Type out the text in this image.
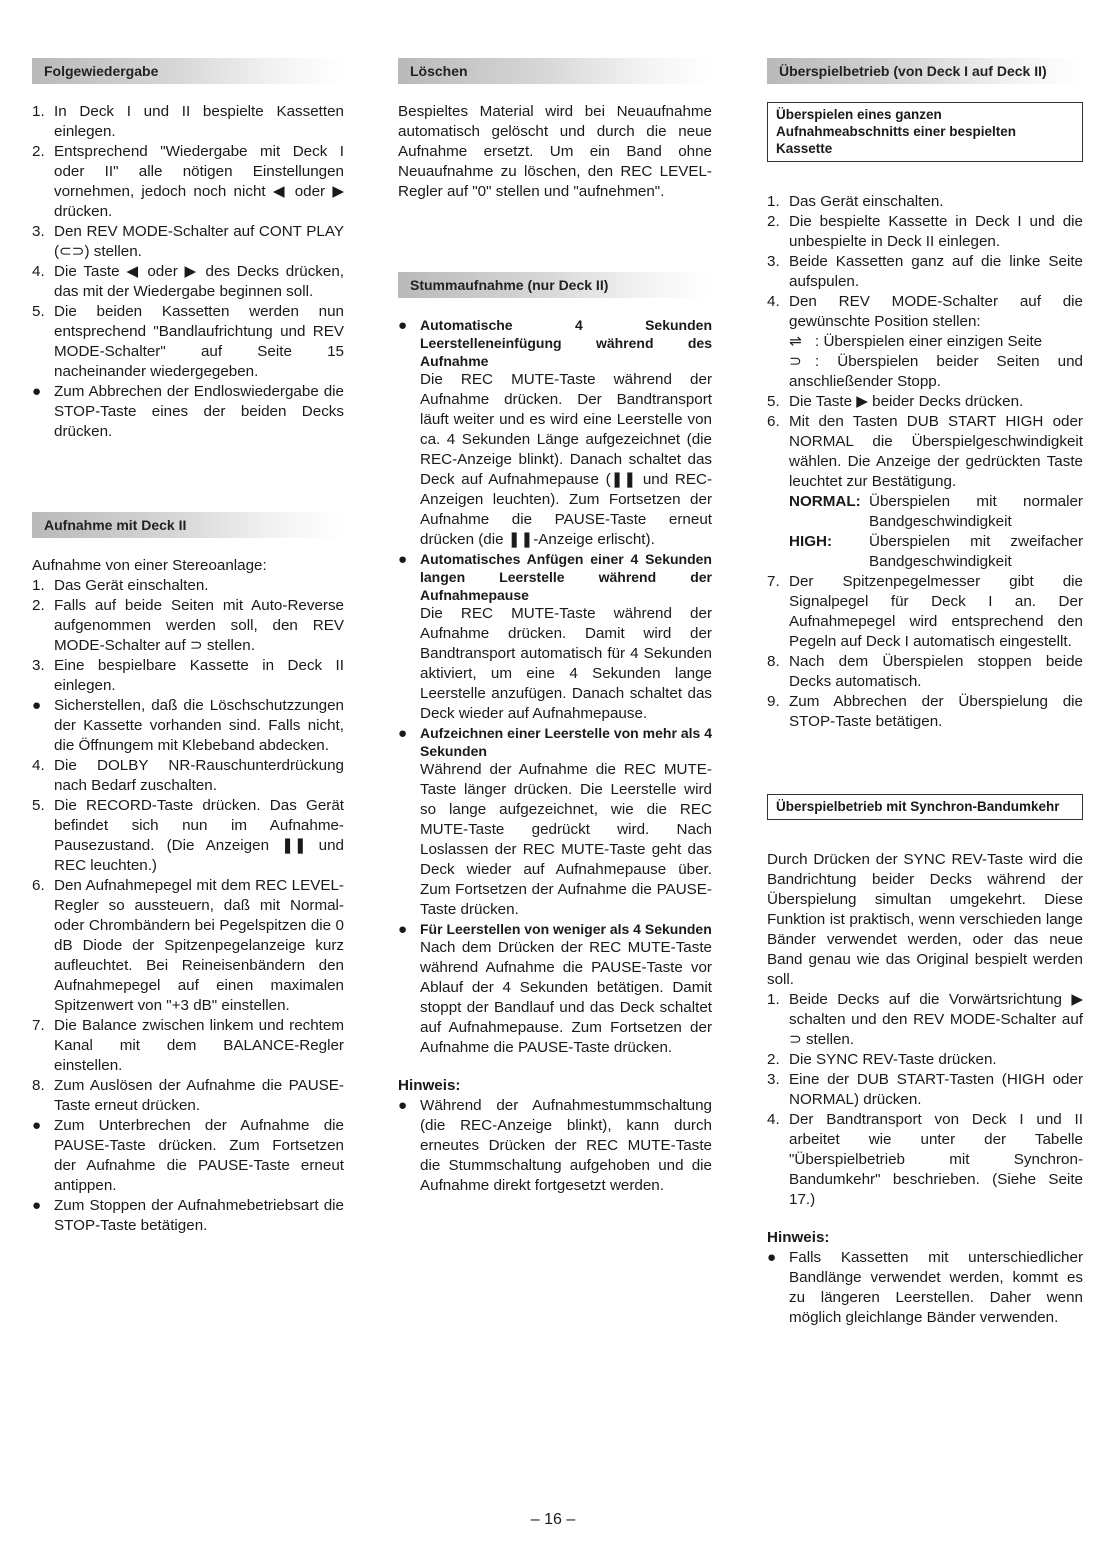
Folgewiedergabe
1. In Deck I und II bespielte Kassetten einlegen.
2. Entsprechend "Wiedergabe mit Deck I oder II" alle nötigen Einstellungen vornehmen, jedoch noch nicht ◀ oder ▶ drücken.
3. Den REV MODE-Schalter auf CONT PLAY (⊂⊃) stellen.
4. Die Taste ◀ oder ▶ des Decks drücken, das mit der Wiedergabe beginnen soll.
5. Die beiden Kassetten werden nun entsprechend "Bandlaufrichtung und REV MODE-Schalter" auf Seite 15 nacheinander wiedergegeben.
● Zum Abbrechen der Endloswiedergabe die STOP-Taste eines der beiden Decks drücken.
Aufnahme mit Deck II
Aufnahme von einer Stereoanlage:
1. Das Gerät einschalten.
2. Falls auf beide Seiten mit Auto-Reverse aufgenommen werden soll, den REV MODE-Schalter auf ⊃ stellen.
3. Eine bespielbare Kassette in Deck II einlegen.
● Sicherstellen, daß die Löschschutzzungen der Kassette vorhanden sind. Falls nicht, die Öffnungem mit Klebeband abdecken.
4. Die DOLBY NR-Rauschunterdrückung nach Bedarf zuschalten.
5. Die RECORD-Taste drücken. Das Gerät befindet sich nun im Aufnahme-Pausezustand. (Die Anzeigen ❚❚ und REC leuchten.)
6. Den Aufnahmepegel mit dem REC LEVEL-Regler so aussteuern, daß mit Normal- oder Chrombändern bei Pegelspitzen die 0 dB Diode der Spitzenpegelanzeige kurz aufleuchtet. Bei Reineisenbändern den Aufnahmepegel auf einen maximalen Spitzenwert von "+3 dB" einstellen.
7. Die Balance zwischen linkem und rechtem Kanal mit dem BALANCE-Regler einstellen.
8. Zum Auslösen der Aufnahme die PAUSE-Taste erneut drücken.
● Zum Unterbrechen der Aufnahme die PAUSE-Taste drücken. Zum Fortsetzen der Aufnahme die PAUSE-Taste erneut antippen.
● Zum Stoppen der Aufnahmebetriebsart die STOP-Taste betätigen.
Löschen
Bespieltes Material wird bei Neuaufnahme automatisch gelöscht und durch die neue Aufnahme ersetzt. Um ein Band ohne Neuaufnahme zu löschen, den REC LEVEL-Regler auf "0" stellen und "aufnehmen".
Stummaufnahme (nur Deck II)
● Automatische 4 Sekunden Leerstelleneinfügung während des Aufnahme
Die REC MUTE-Taste während der Aufnahme drücken. Der Bandtransport läuft weiter und es wird eine Leerstelle von ca. 4 Sekunden Länge aufgezeichnet (die REC-Anzeige blinkt). Danach schaltet das Deck auf Aufnahmepause (❚❚ und REC-Anzeigen leuchten). Zum Fortsetzen der Aufnahme die PAUSE-Taste erneut drücken (die ❚❚-Anzeige erlischt).
● Automatisches Anfügen einer 4 Sekunden langen Leerstelle während der Aufnahmepause
Die REC MUTE-Taste während der Aufnahme drücken. Damit wird der Bandtransport automatisch für 4 Sekunden aktiviert, um eine 4 Sekunden lange Leerstelle anzufügen. Danach schaltet das Deck wieder auf Aufnahmepause.
● Aufzeichnen einer Leerstelle von mehr als 4 Sekunden
Während der Aufnahme die REC MUTE-Taste länger drücken. Die Leerstelle wird so lange aufgezeichnet, wie die REC MUTE-Taste gedrückt wird. Nach Loslassen der REC MUTE-Taste geht das Deck wieder auf Aufnahmepause über. Zum Fortsetzen der Aufnahme die PAUSE-Taste drücken.
● Für Leerstellen von weniger als 4 Sekunden
Nach dem Drücken der REC MUTE-Taste während Aufnahme die PAUSE-Taste vor Ablauf der 4 Sekunden betätigen. Damit stoppt der Bandlauf und das Deck schaltet auf Aufnahmepause. Zum Fortsetzen der Aufnahme die PAUSE-Taste drücken.
Hinweis:
● Während der Aufnahmestummschaltung (die REC-Anzeige blinkt), kann durch erneutes Drücken der REC MUTE-Taste die Stummschaltung aufgehoben und die Aufnahme direkt fortgesetzt werden.
Überspielbetrieb (von Deck I auf Deck II)
Überspielen eines ganzen Aufnahmeabschnitts einer bespielten Kassette
1. Das Gerät einschalten.
2. Die bespielte Kassette in Deck I und die unbespielte in Deck II einlegen.
3. Beide Kassetten ganz auf die linke Seite aufspulen.
4. Den REV MODE-Schalter auf die gewünschte Position stellen:
⇌ : Überspielen einer einzigen Seite
⊃ : Überspielen beider Seiten und anschließender Stopp.
5. Die Taste ▶ beider Decks drücken.
6. Mit den Tasten DUB START HIGH oder NORMAL die Überspielgeschwindigkeit wählen. Die Anzeige der gedrückten Taste leuchtet zur Bestätigung.
NORMAL: Überspielen mit normaler Bandgeschwindigkeit
HIGH: Überspielen mit zweifacher Bandgeschwindigkeit
7. Der Spitzenpegelmesser gibt die Signalpegel für Deck I an. Der Aufnahmepegel wird entsprechend den Pegeln auf Deck I automatisch eingestellt.
8. Nach dem Überspielen stoppen beide Decks automatisch.
9. Zum Abbrechen der Überspielung die STOP-Taste betätigen.
Überspielbetrieb mit Synchron-Bandumkehr
Durch Drücken der SYNC REV-Taste wird die Bandrichtung beider Decks während der Überspielung simultan umgekehrt. Diese Funktion ist praktisch, wenn verschieden lange Bänder verwendet werden, oder das neue Band genau wie das Original bespielt werden soll.
1. Beide Decks auf die Vorwärtsrichtung ▶ schalten und den REV MODE-Schalter auf ⊃ stellen.
2. Die SYNC REV-Taste drücken.
3. Eine der DUB START-Tasten (HIGH oder NORMAL) drücken.
4. Der Bandtransport von Deck I und II arbeitet wie unter der Tabelle "Überspielbetrieb mit Synchron-Bandumkehr" beschrieben. (Siehe Seite 17.)
Hinweis:
● Falls Kassetten mit unterschiedlicher Bandlänge verwendet werden, kommt es zu längeren Leerstellen. Daher wenn möglich gleichlange Bänder verwenden.
– 16 –
